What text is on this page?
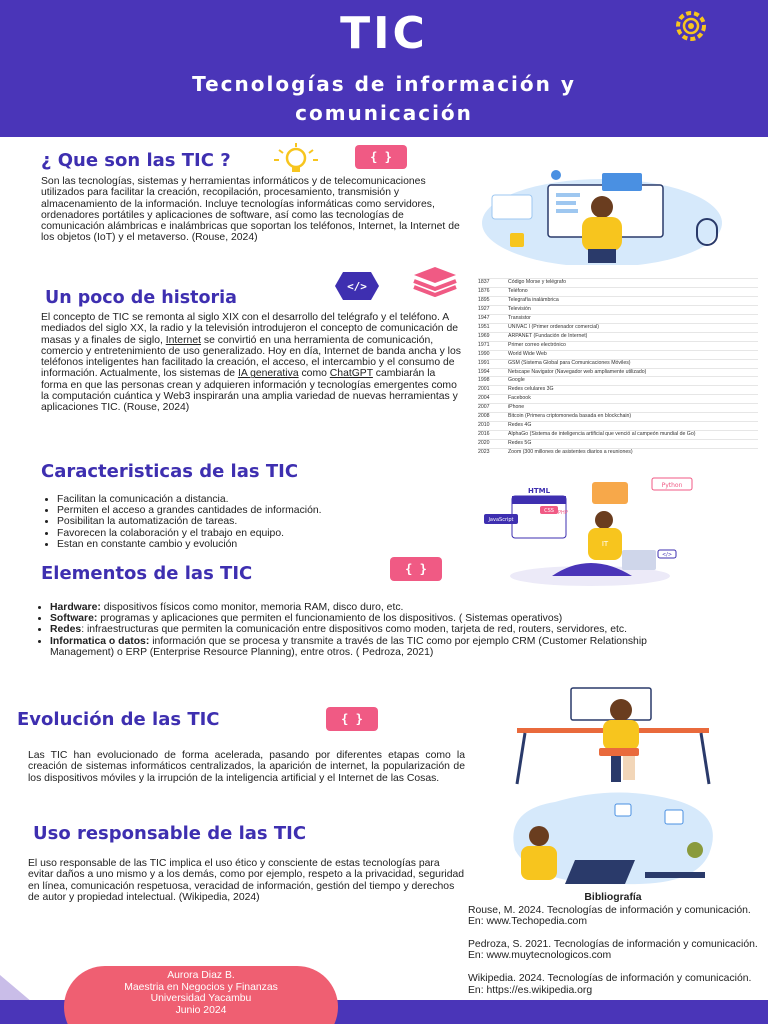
TIC
Tecnologías de información y
comunicación
¿ Que son las TIC ?	{ }
Son las tecnologías, sistemas y herramientas informáticos y de telecomunicaciones utilizados para facilitar la creación, recopilación, procesamiento, transmisión y almacenamiento de la información. Incluye tecnologías informáticas como servidores, ordenadores portátiles y aplicaciones de software, así como las tecnologías de comunicación alámbricas e inalámbricas que soportan los teléfonos, Internet, la Internet de los objetos (IoT) y el metaverso. (Rouse, 2024)
</>
Un poco de historia
El concepto de TIC se remonta al siglo XIX con el desarrollo del telégrafo y el teléfono. A mediados del siglo XX, la radio y la televisión introdujeron el concepto de comunicación de masas y a finales de siglo, Internet se convirtió en una herramienta de comunicación, comercio y entretenimiento de uso generalizado. Hoy en día, Internet de banda ancha y los teléfonos inteligentes han facilitado la creación, el acceso, el intercambio y el consumo de información. Actualmente, los sistemas de IA generativa como ChatGPT cambiarán la forma en que las personas crean y adquieren información y tecnologías emergentes como la computación cuántica y Web3 inspirarán una amplia variedad de nuevas herramientas y aplicaciones TIC. (Rouse, 2024)
1837	Código Morse y telégrafo
1876	Teléfono
1895	Telegrafía inalámbrica
1927	Televisión
1947	Transistor
1951	UNIVAC I (Primer ordenador comercial)
1969	ARPANET (Fundación de Internet)
1971	Primer correo electrónico
1990	World Wide Web
1991	GSM (Sistema Global para Comunicaciones Móviles)
1994	Netscape Navigator (Navegador web ampliamente utilizado)
1998	Google
2001	Redes celulares 3G
2004	Facebook
2007	iPhone
2008	Bitcoin (Primera criptomoneda basada en blockchain)
2010	Redes 4G
2016	AlphaGo (Sistema de inteligencia artificial que venció al campeón mundial de Go)
2020	Redes 5G
2023	Zoom (300 millones de asistentes diarios a reuniones)
Caracteristicas de las TIC
• Facilitan la comunicación a distancia.
• Permiten el acceso a grandes cantidades de información.
• Posibilitan la automatización de tareas.
• Favorecen la colaboración y el trabajo en equipo.
• Estan en constante cambio y evolución
HTML
Python
JavaScript
CSS PHP
</>
IT
Elementos de las TIC	{ }
• Hardware: dispositivos físicos como monitor, memoria RAM, disco duro, etc.
• Software: programas y aplicaciones que permiten el funcionamiento de los dispositivos. ( Sistemas operativos)
• Redes: infraestructuras que permiten la comunicación entre dispositivos como moden, tarjeta de red, routers, servidores, etc.
• Informatica o datos: información que se procesa y transmite a través de las TIC como por ejemplo CRM (Customer Relationship Management) o ERP (Enterprise Resource Planning), entre otros. ( Pedroza, 2021)
Evolución de las TIC	{ }
Las TIC han evolucionado de forma acelerada, pasando por diferentes etapas como la creación de sistemas informáticos centralizados, la aparición de internet, la popularización de los dispositivos móviles y la irrupción de la inteligencia artificial y el Internet de las Cosas.
Uso responsable de las TIC
El uso responsable de las TIC implica el uso ético y consciente de estas tecnologías para evitar daños a uno mismo y a los demás, como por ejemplo, respeto a la privacidad, seguridad en línea, comunicación respetuosa, veracidad de información, gestión del tiempo y derechos de autor y propiedad intelectual. (Wikipedia, 2024)	Bibliografía

Rouse, M. 2024. Tecnologías de información y comunicación. En: www.Techopedia.com

Pedroza, S. 2021. Tecnologías de información y comunicación. En: www.muytecnologicos.com

Wikipedia. 2024. Tecnologías de información y comunicación. En: https://es.wikipedia.org

Aurora Diaz B.
Maestria en Negocios y Finanzas
Universidad Yacambu
Junio 2024
